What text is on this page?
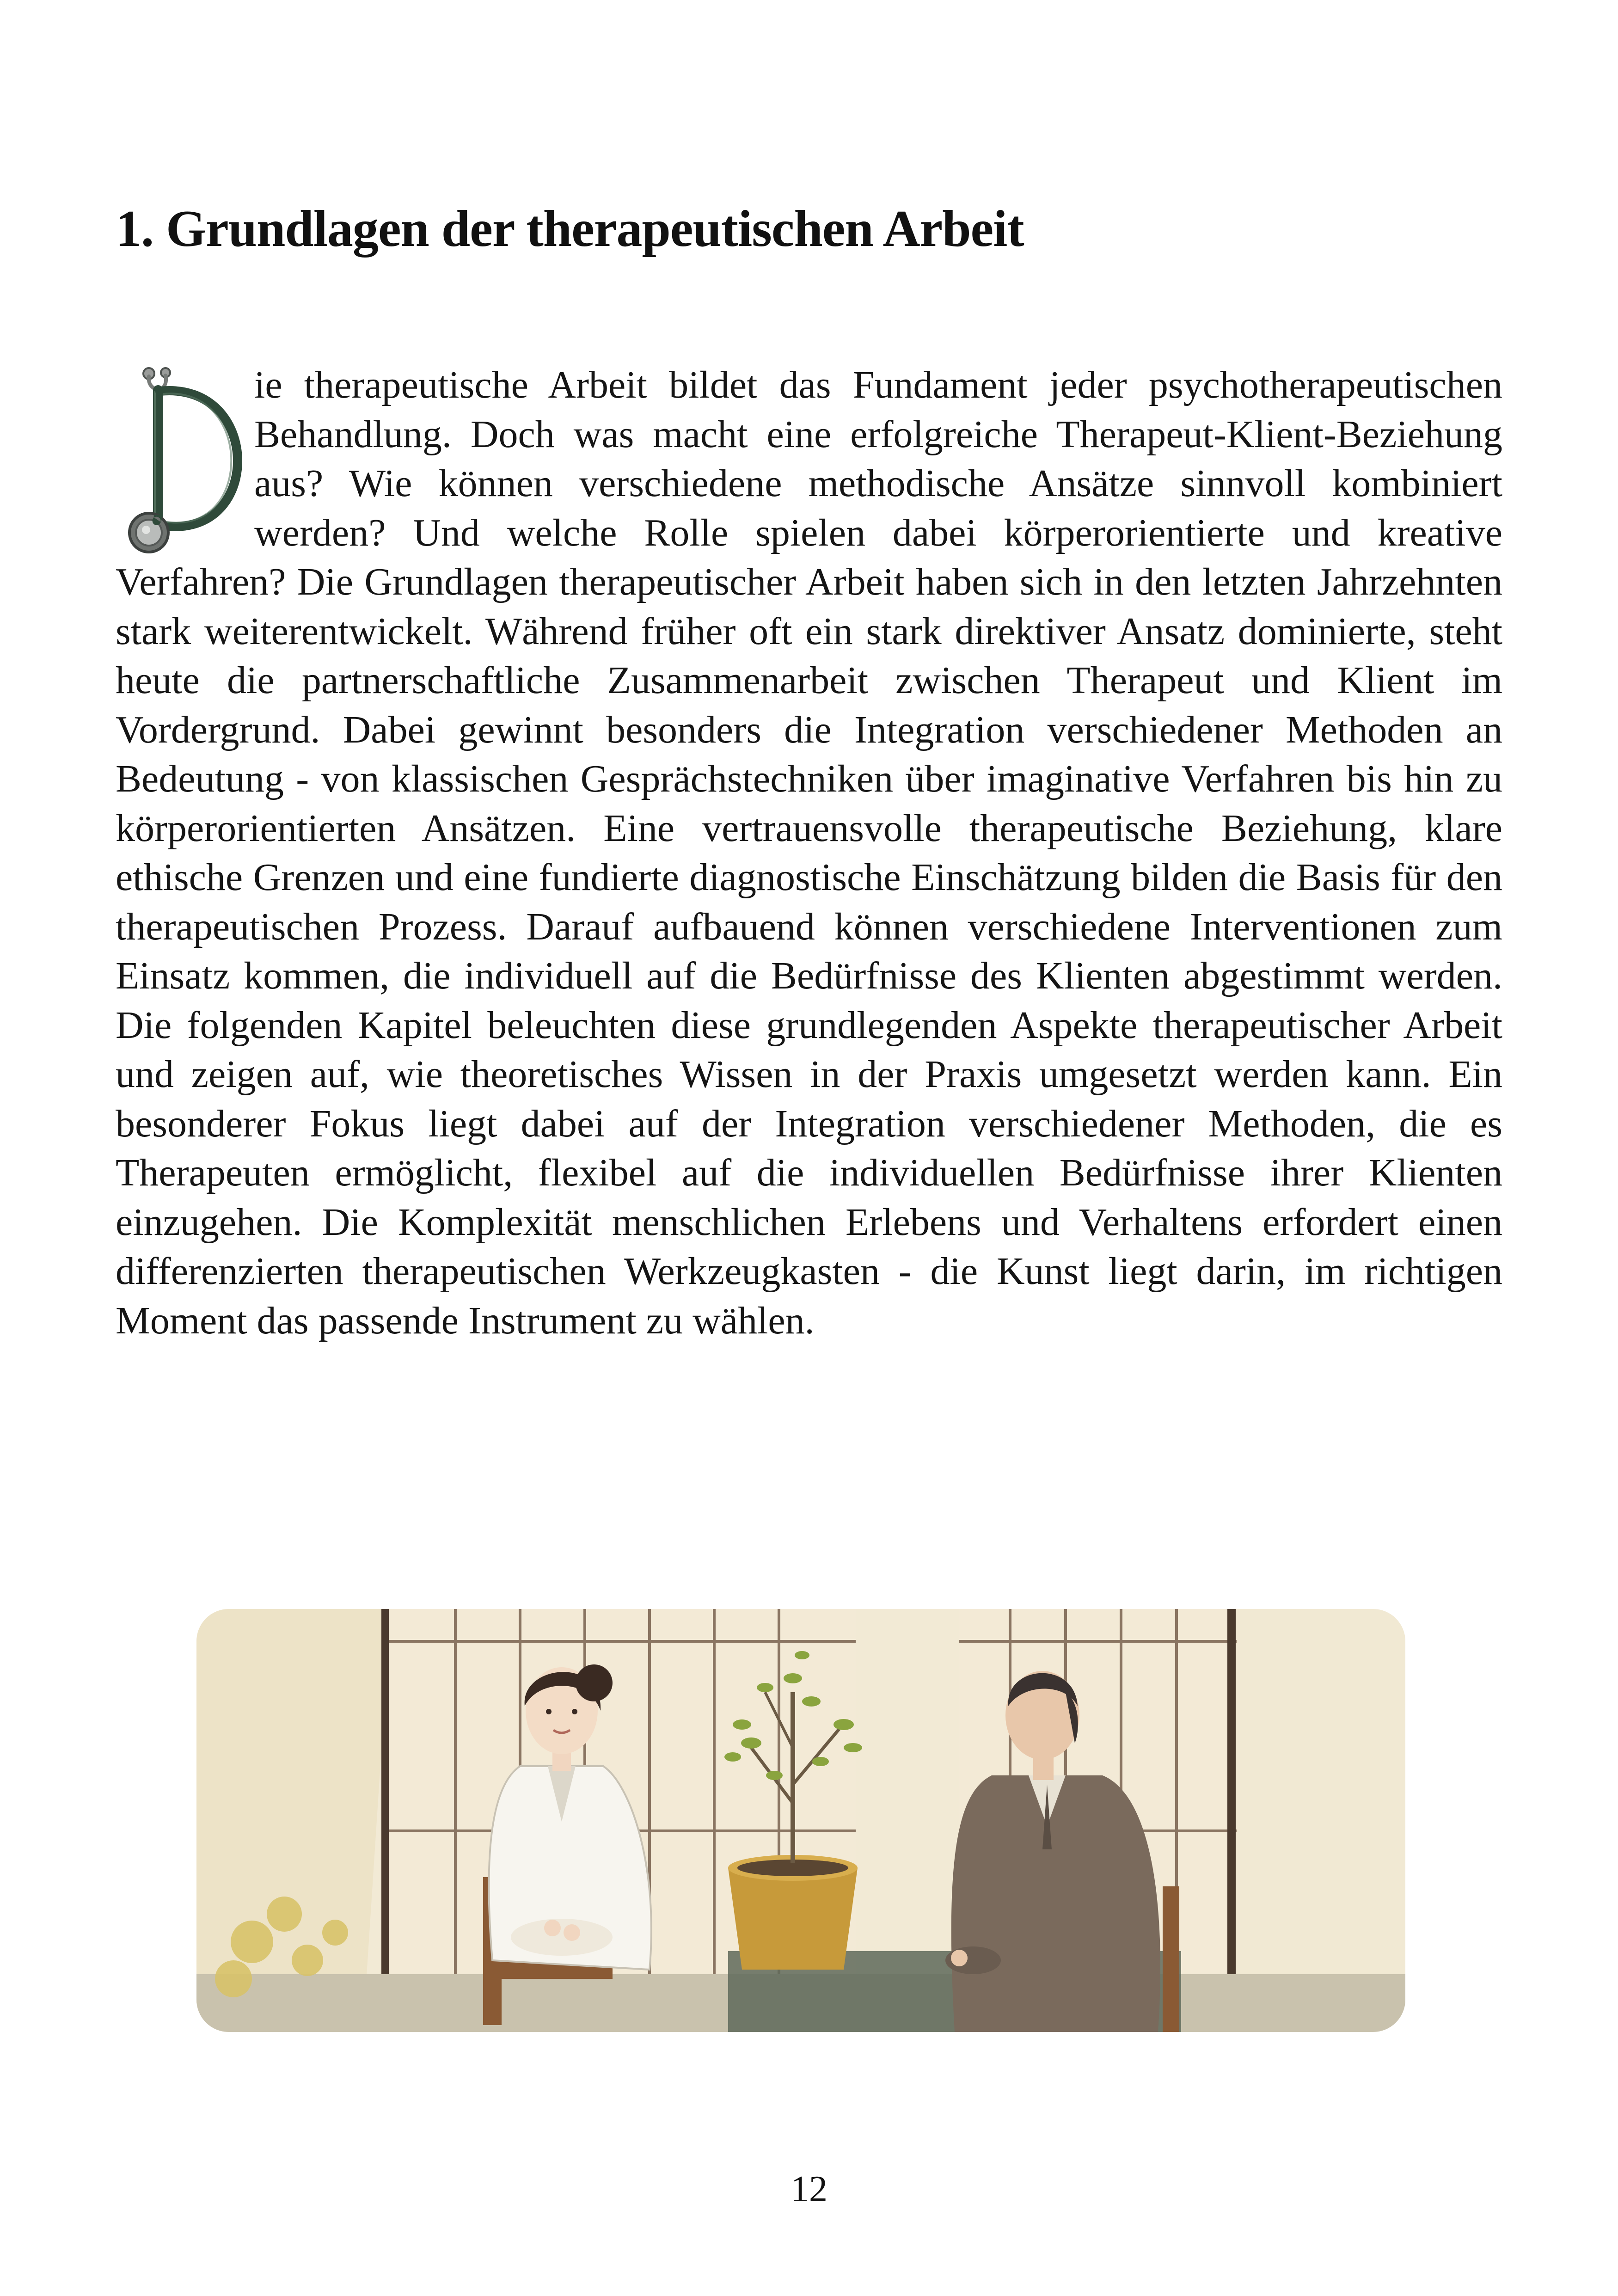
1. Grundlagen der therapeutischen Arbeit
ie therapeutische Arbeit bildet das Fundament jeder psychotherapeutischen Behandlung. Doch was macht eine erfolgreiche Therapeut-Klient-Beziehung aus? Wie können verschiedene methodische Ansätze sinnvoll kombiniert werden? Und welche Rolle spielen dabei körperorientierte und kreative Verfahren? Die Grundlagen therapeutischer Arbeit haben sich in den letzten Jahrzehnten stark weiterentwickelt. Während früher oft ein stark direktiver Ansatz dominierte, steht heute die partnerschaftliche Zusammenarbeit zwischen Therapeut und Klient im Vordergrund. Dabei gewinnt besonders die Integration verschiedener Methoden an Bedeutung - von klassischen Gesprächstechniken über imaginative Verfahren bis hin zu körperorientierten Ansätzen. Eine vertrauensvolle therapeutische Beziehung, klare ethische Grenzen und eine fundierte diagnostische Einschätzung bilden die Basis für den therapeutischen Prozess. Darauf aufbauend können verschiedene Interventionen zum Einsatz kommen, die individuell auf die Bedürfnisse des Klienten abgestimmt werden. Die folgenden Kapitel beleuchten diese grundlegenden Aspekte therapeutischer Arbeit und zeigen auf, wie theoretisches Wissen in der Praxis umgesetzt werden kann. Ein besonderer Fokus liegt dabei auf der Integration verschiedener Methoden, die es Therapeuten ermöglicht, flexibel auf die individuellen Bedürfnisse ihrer Klienten einzugehen. Die Komplexität menschlichen Erlebens und Verhaltens erfordert einen differenzierten therapeutischen Werkzeugkasten - die Kunst liegt darin, im richtigen Moment das passende Instrument zu wählen.
12
